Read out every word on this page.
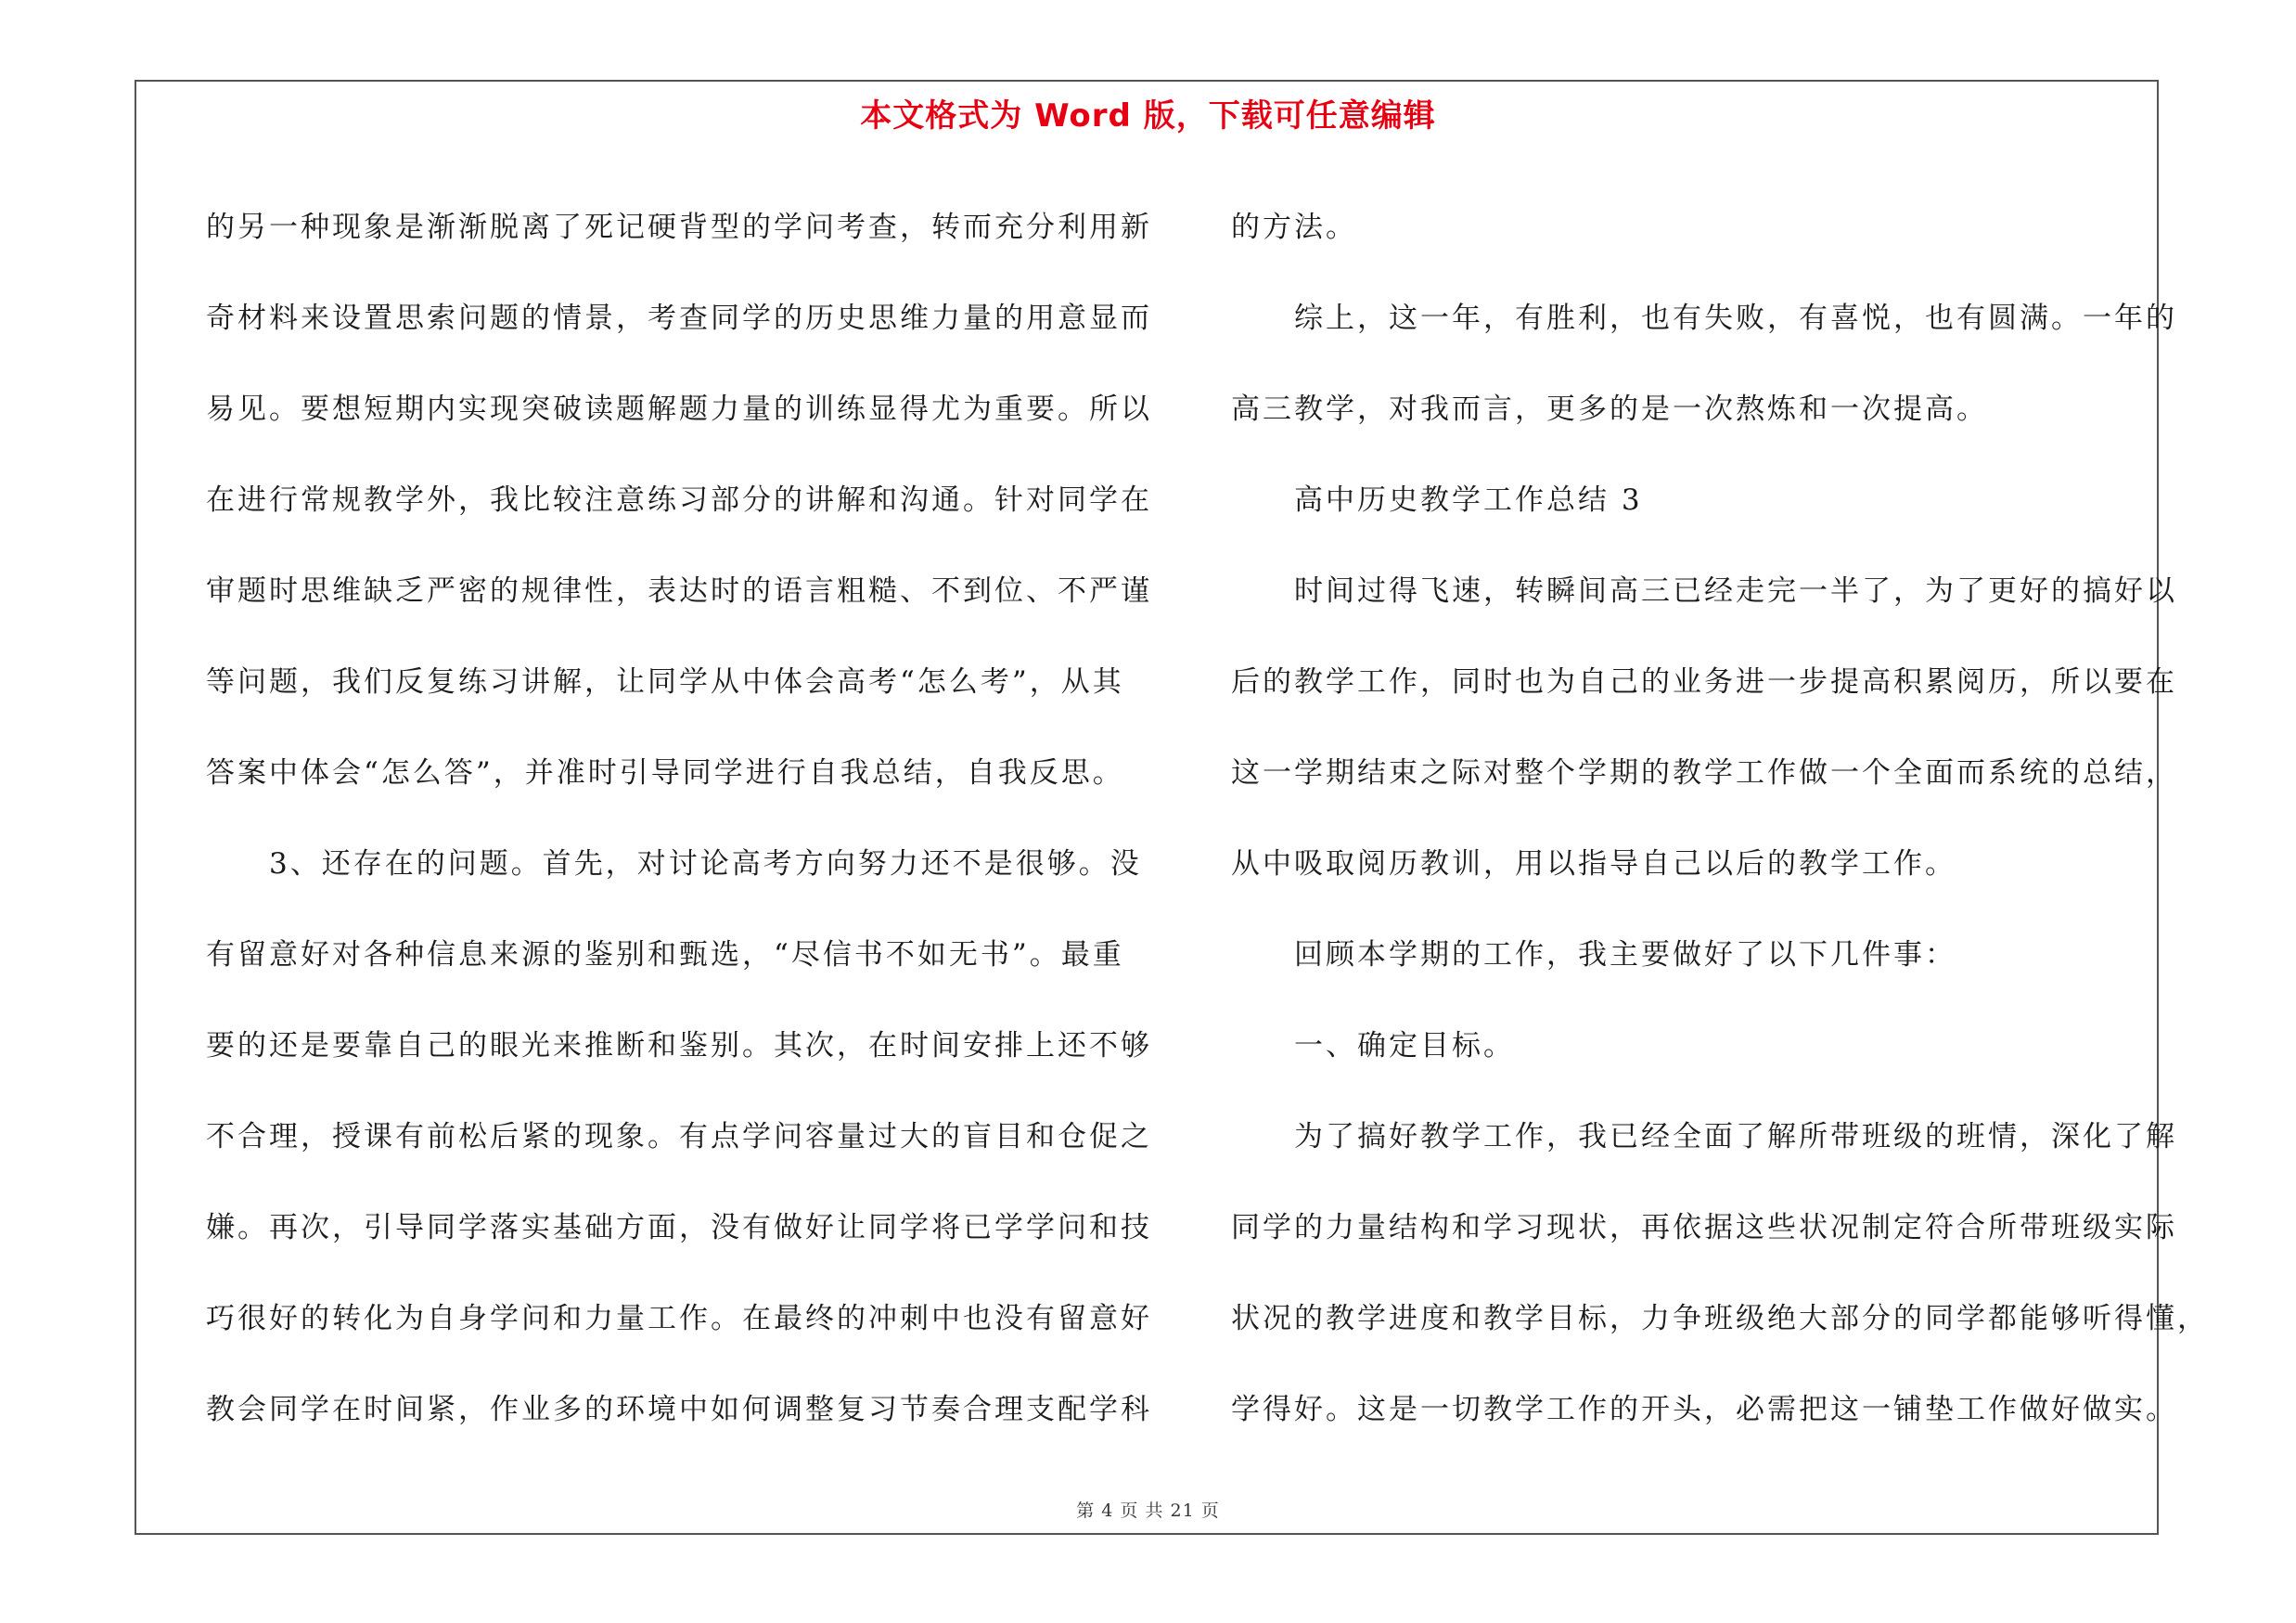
本文格式为 Word 版，下载可任意编辑
的另一种现象是渐渐脱离了死记硬背型的学问考查，转而充分利用新
奇材料来设置思索问题的情景，考查同学的历史思维力量的用意显而
易见。要想短期内实现突破读题解题力量的训练显得尤为重要。所以
在进行常规教学外，我比较注意练习部分的讲解和沟通。针对同学在
审题时思维缺乏严密的规律性，表达时的语言粗糙、不到位、不严谨
等问题，我们反复练习讲解，让同学从中体会高考“怎么考”，从其
答案中体会“怎么答”，并准时引导同学进行自我总结，自我反思。
　　3、还存在的问题。首先，对讨论高考方向努力还不是很够。没
有留意好对各种信息来源的鉴别和甄选，“尽信书不如无书”。最重
要的还是要靠自己的眼光来推断和鉴别。其次，在时间安排上还不够
不合理，授课有前松后紧的现象。有点学问容量过大的盲目和仓促之
嫌。再次，引导同学落实基础方面，没有做好让同学将已学学问和技
巧很好的转化为自身学问和力量工作。在最终的冲刺中也没有留意好
教会同学在时间紧，作业多的环境中如何调整复习节奏合理支配学科
的方法。
　　综上，这一年，有胜利，也有失败，有喜悦，也有圆满。一年的
高三教学，对我而言，更多的是一次熬炼和一次提高。
　　高中历史教学工作总结 3
　　时间过得飞速，转瞬间高三已经走完一半了，为了更好的搞好以
后的教学工作，同时也为自己的业务进一步提高积累阅历，所以要在
这一学期结束之际对整个学期的教学工作做一个全面而系统的总结，
从中吸取阅历教训，用以指导自己以后的教学工作。
　　回顾本学期的工作，我主要做好了以下几件事：
　　一、确定目标。
　　为了搞好教学工作，我已经全面了解所带班级的班情，深化了解
同学的力量结构和学习现状，再依据这些状况制定符合所带班级实际
状况的教学进度和教学目标，力争班级绝大部分的同学都能够听得懂，
学得好。这是一切教学工作的开头，必需把这一铺垫工作做好做实。
第 4 页 共 21 页
